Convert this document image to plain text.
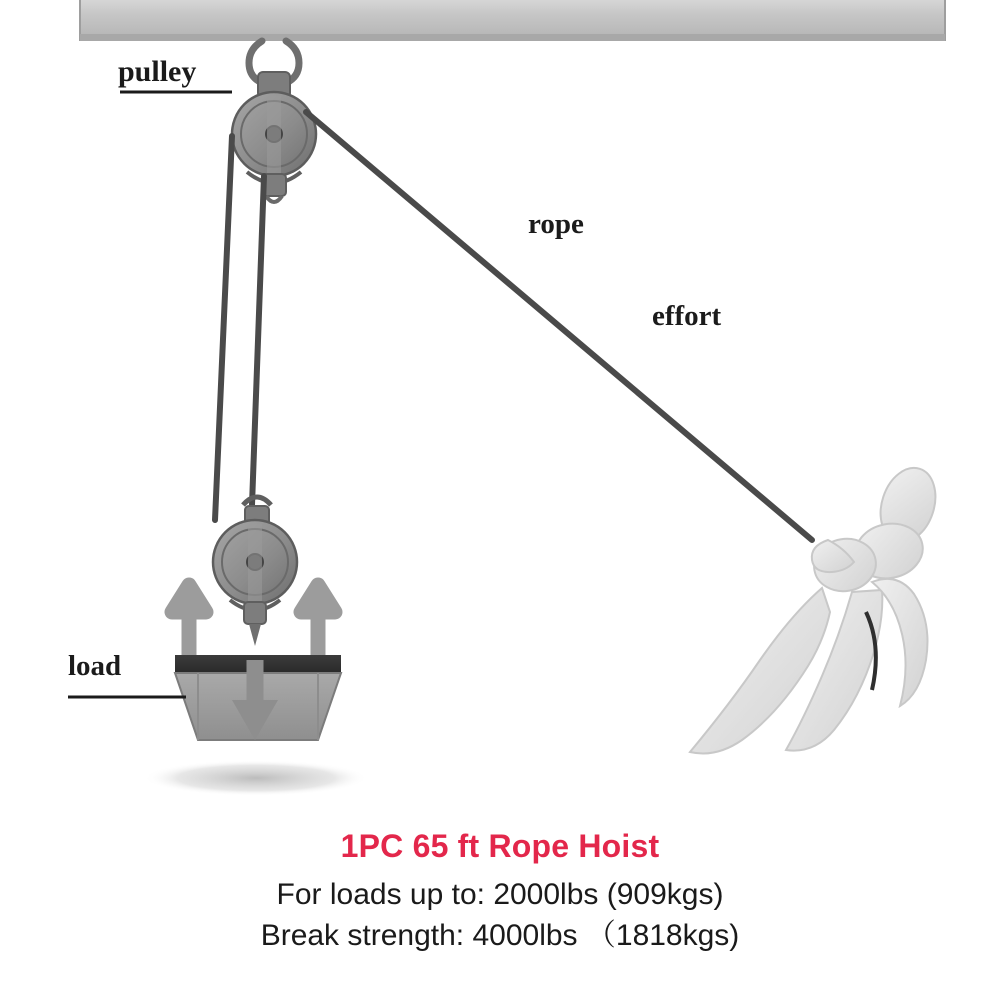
pulley
rope
effort
load
1PC 65 ft Rope Hoist
For loads up to: 2000lbs (909kgs)
Break strength: 4000lbs （1818kgs)
